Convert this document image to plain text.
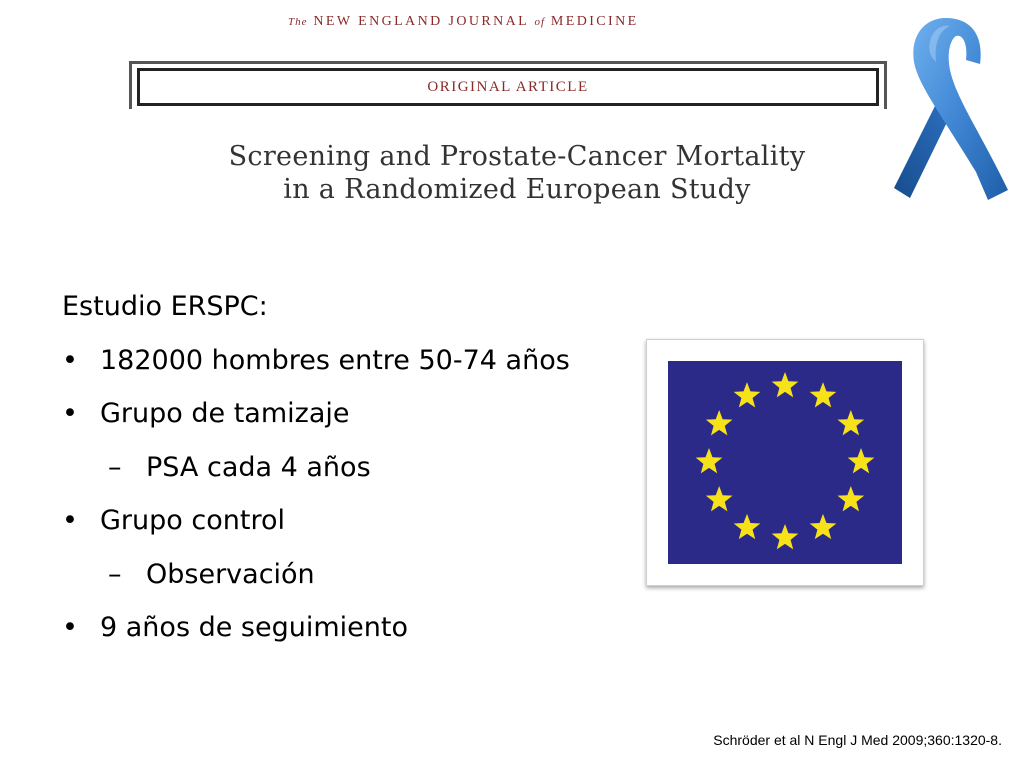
The NEW ENGLAND JOURNAL of MEDICINE
ORIGINAL ARTICLE
Screening and Prostate-Cancer Mortality
in a Randomized European Study
Estudio ERSPC:
• 182000 hombres entre 50-74 años
• Grupo de tamizaje
– PSA cada 4 años
• Grupo control
– Observación
• 9 años de seguimiento
Schröder et al N Engl J Med 2009;360:1320-8.
